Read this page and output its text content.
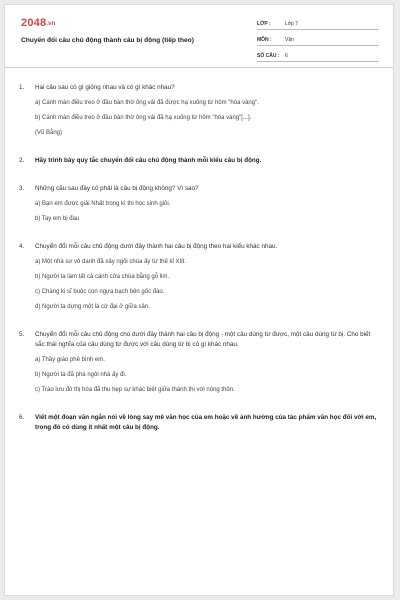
2048.vn
Chuyển đổi câu chủ động thành câu bị động (tiếp theo)
LỚP :	Lớp 7
MÔN :	Văn
SỐ CÂU :	6
1.	Hai câu sau có gì giống nhau và có gì khác nhau?
a) Cánh màn điều treo ở đầu bàn thờ ông vải đã được hạ xuống từ hôm "hóa vàng".
b) Cánh màn điều treo ở đầu bàn thờ ông vải đã hạ xuống từ hôm "hóa vàng"[...].
(Vũ Bằng)
2.	Hãy trình bày quy tắc chuyển đổi câu chủ động thành mỗi kiểu câu bị động.
3.	Những câu sau đây có phải là câu bị động không? Vì sao?
a) Bạn em được giải Nhất trong kì thi học sinh giỏi.
b) Tay em bị đau
4.	Chuyển đổi mỗi câu chủ động dưới đây thành hai câu bị động theo hai kiểu khác nhau.
a) Một nhà sư vô danh đã xây ngôi chùa ấy từ thế kỉ XIII.
b) Người ta làm tất cả cánh cửa chùa bằng gỗ lim.
c) Chàng kị sĩ buộc con ngựa bạch bên gốc đào.
d) Người ta dựng một lá cờ đại ở giữa sân.
5.	Chuyển đổi mỗi câu chủ động cho dưới đây thành hai câu bị động - một câu dùng từ được, một câu dùng từ bị. Cho biết sắc thái nghĩa của câu dùng từ được với câu dùng từ bị có gì khác nhau.
a) Thầy giáo phê bình em.
b) Người ta đã phá ngôi nhà ấy đi.
c) Trào lưu đô thị hóa đã thu hẹp sự khác biệt giữa thành thị với nông thôn.
6.	Viết một đoạn văn ngắn nói về lòng say mê văn học của em hoặc về ảnh hưởng của tác phẩm văn học đối với em, trong đó có dùng ít nhất một câu bị động.
